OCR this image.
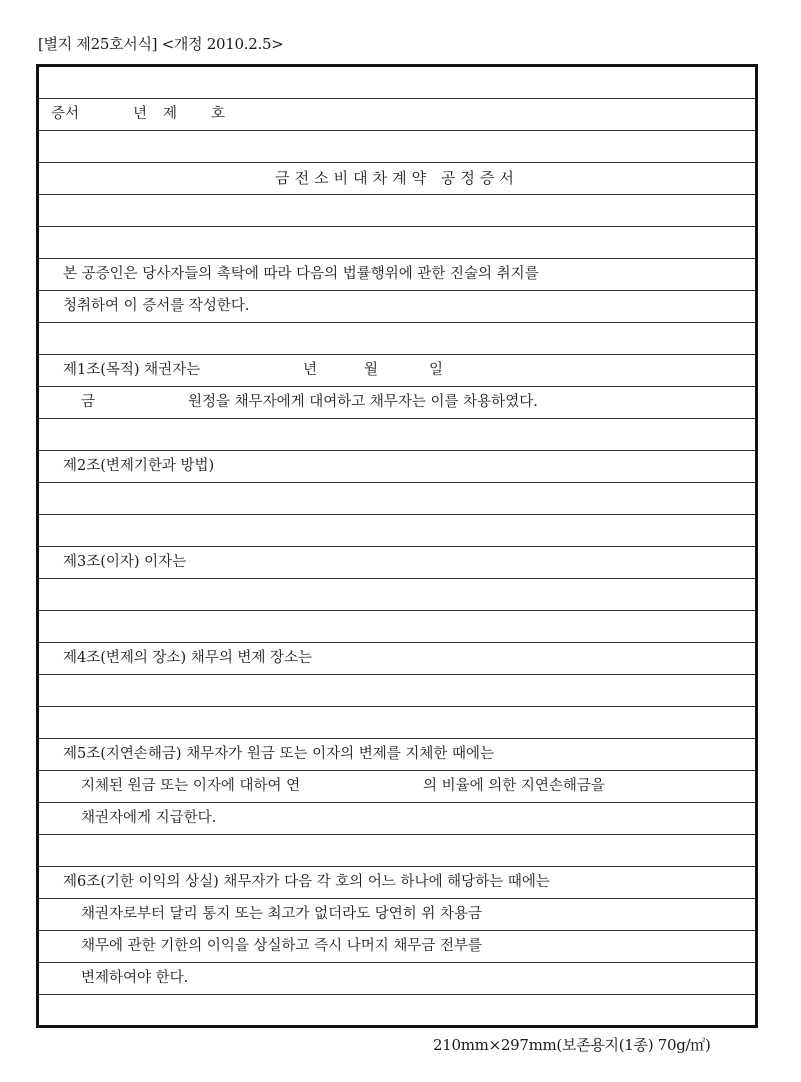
[별지 제25호서식] <개정 2010.2.5>
증서	년 제 호
금전소비대차계약 공정증서
본 공증인은 당사자들의 촉탁에 따라 다음의 법률행위에 관한 진술의 취지를
청취하여 이 증서를 작성한다.
제1조(목적) 채권자는	년	월	일
금	원정을 채무자에게 대여하고 채무자는 이를 차용하였다.
제2조(변제기한과 방법)
제3조(이자) 이자는
제4조(변제의 장소) 채무의 변제 장소는
제5조(지연손해금) 채무자가 원금 또는 이자의 변제를 지체한 때에는
지체된 원금 또는 이자에 대하여 연	의 비율에 의한 지연손해금을
채권자에게 지급한다.
제6조(기한 이익의 상실) 채무자가 다음 각 호의 어느 하나에 해당하는 때에는
채권자로부터 달리 통지 또는 최고가 없더라도 당연히 위 차용금
채무에 관한 기한의 이익을 상실하고 즉시 나머지 채무금 전부를
변제하여야 한다.
210mm×297mm(보존용지(1종) 70g/㎡)
